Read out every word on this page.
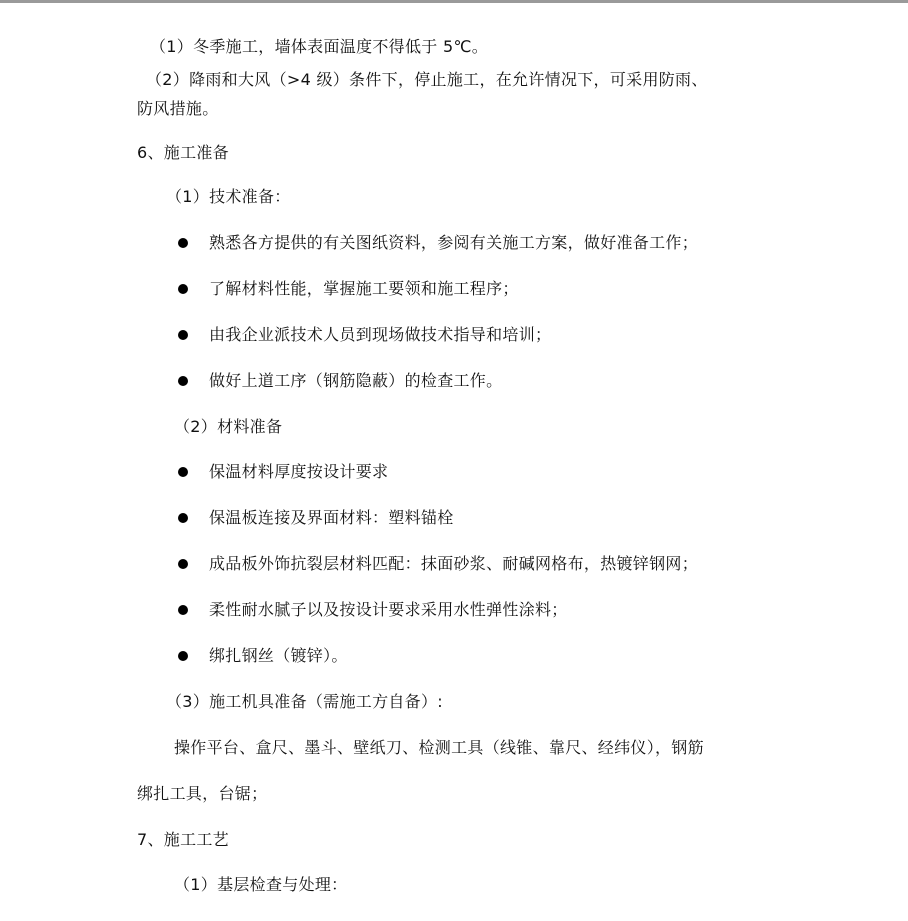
（1）冬季施工，墙体表面温度不得低于 5℃。
（2）降雨和大风（>4 级）条件下，停止施工，在允许情况下，可采用防雨、
防风措施。
6、施工准备
（1）技术准备：
熟悉各方提供的有关图纸资料，参阅有关施工方案，做好准备工作；
了解材料性能，掌握施工要领和施工程序；
由我企业派技术人员到现场做技术指导和培训；
做好上道工序（钢筋隐蔽）的检查工作。
（2）材料准备
保温材料厚度按设计要求
保温板连接及界面材料：塑料锚栓
成品板外饰抗裂层材料匹配：抹面砂浆、耐碱网格布，热镀锌钢网；
柔性耐水腻子以及按设计要求采用水性弹性涂料；
绑扎钢丝（镀锌）。
（3）施工机具准备（需施工方自备）:
操作平台、盒尺、墨斗、壁纸刀、检测工具（线锥、靠尺、经纬仪），钢筋
绑扎工具，台锯；
7、施工工艺
（1）基层检查与处理：
